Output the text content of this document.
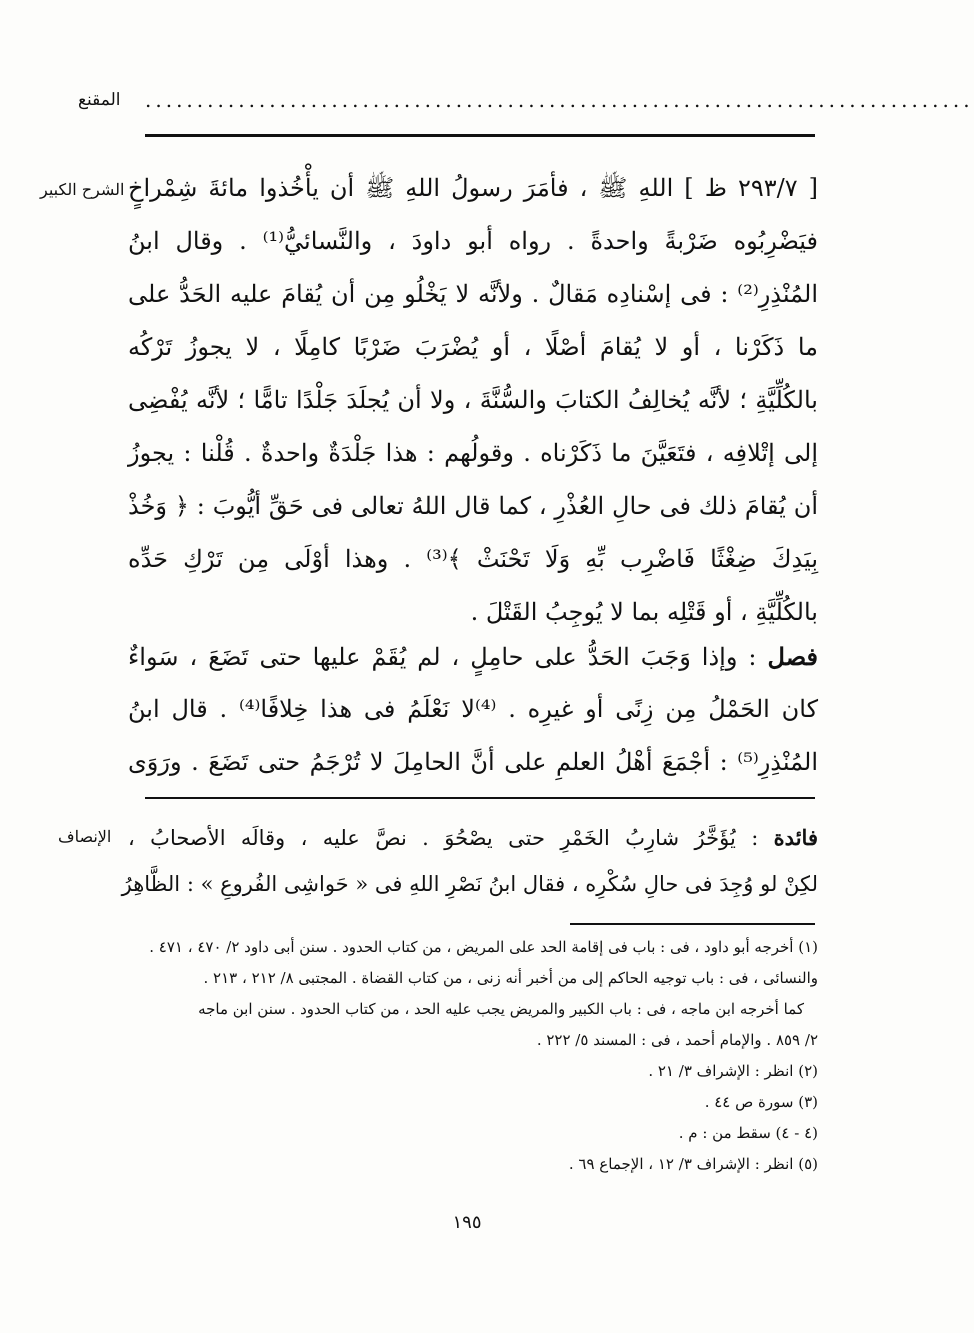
المقنع ................................................................................
الشرح الكبير
الإنصاف
[ ٢٩٣/٧ ظ ] اللهِ ﷺ ، فأمَرَ رسولُ اللهِ ﷺ أن يأْخُذوا مائةَ شِمْراخٍ
فيَضْرِبُوه ضَرْبةً واحدةً . رواه أبو داودَ ، والنَّسائيُّ⁽¹⁾ . وقال ابنُ
المُنْذِرِ⁽²⁾ : فى إسْنادِه مَقالٌ . ولأنَّه لا يَخْلُو مِن أن يُقامَ عليه الحَدُّ على
ما ذَكَرْنا ، أو لا يُقامَ أصْلًا ، أو يُضْرَبَ ضَرْبًا كامِلًا ، لا يجوزُ تَرْكُه
بالكُلِّيَّةِ ؛ لأنَّه يُخالِفُ الكتابَ والسُّنَّةَ ، ولا أن يُجلَدَ جَلْدًا تامًّا ؛ لأنَّه يُفْضِى
إلى إتْلافِه ، فتَعَيَّنَ ما ذَكَرْناه . وقولُهم : هذا جَلْدَةٌ واحدةٌ . قُلْنا : يجوزُ
أن يُقامَ ذلك فى حالِ العُذْرِ ، كما قال اللهُ تعالى فى حَقِّ أيُّوبَ : ﴿ وَخُذْ
بِيَدِكَ ضِغْثًا فَاضْرِب بِّهِ وَلَا تَحْنَثْ ﴾⁽³⁾ . وهذا أوْلَى مِن تَرْكِ حَدِّه
بالكُلِّيَّةِ ، أو قَتْلِه بما لا يُوجِبُ القَتْلَ .
فصل : وإذا وَجَبَ الحَدُّ على حامِلٍ ، لم يُقَمْ عليها حتى تَضَعَ ، سَواءٌ
كان الحَمْلُ مِن زِنًى أو غيرِه . ⁽⁴⁾لا نَعْلَمُ فى هذا خِلافًا⁽⁴⁾ . قال ابنُ
المُنْذِرِ⁽⁵⁾ : أجْمَعَ أهْلُ العلمِ على أنَّ الحامِلَ لا تُرْجَمُ حتى تَضَعَ . ورَوَى
فائدة : يُؤَخَّرُ شارِبُ الخَمْرِ حتى يصْحُوَ . نصَّ عليه ، وقالَه الأصحابُ ،
لكِنْ لو وُجِدَ فى حالِ سُكْرِه ، فقال ابنُ نَصْرِ اللهِ فى « حَواشِى الفُروعِ » : الظَّاهِرُ
(١) أخرجه أبو داود ، فى : باب فى إقامة الحد على المريض ، من كتاب الحدود . سنن أبى داود ٢/ ٤٧٠ ، ٤٧١ .
والنسائى ، فى : باب توجيه الحاكم إلى من أخبر أنه زنى ، من كتاب القضاة . المجتبى ٨/ ٢١٢ ، ٢١٣ .
كما أخرجه ابن ماجه ، فى : باب الكبير والمريض يجب عليه الحد ، من كتاب الحدود . سنن ابن ماجه
٢/ ٨٥٩ . والإمام أحمد ، فى : المسند ٥/ ٢٢٢ .
(٢) انظر : الإشراف ٣/ ٢١ .
(٣) سورة ص ٤٤ .
(٤ - ٤) سقط من : م .
(٥) انظر : الإشراف ٣/ ١٢ ، الإجماع ٦٩ .
١٩٥
